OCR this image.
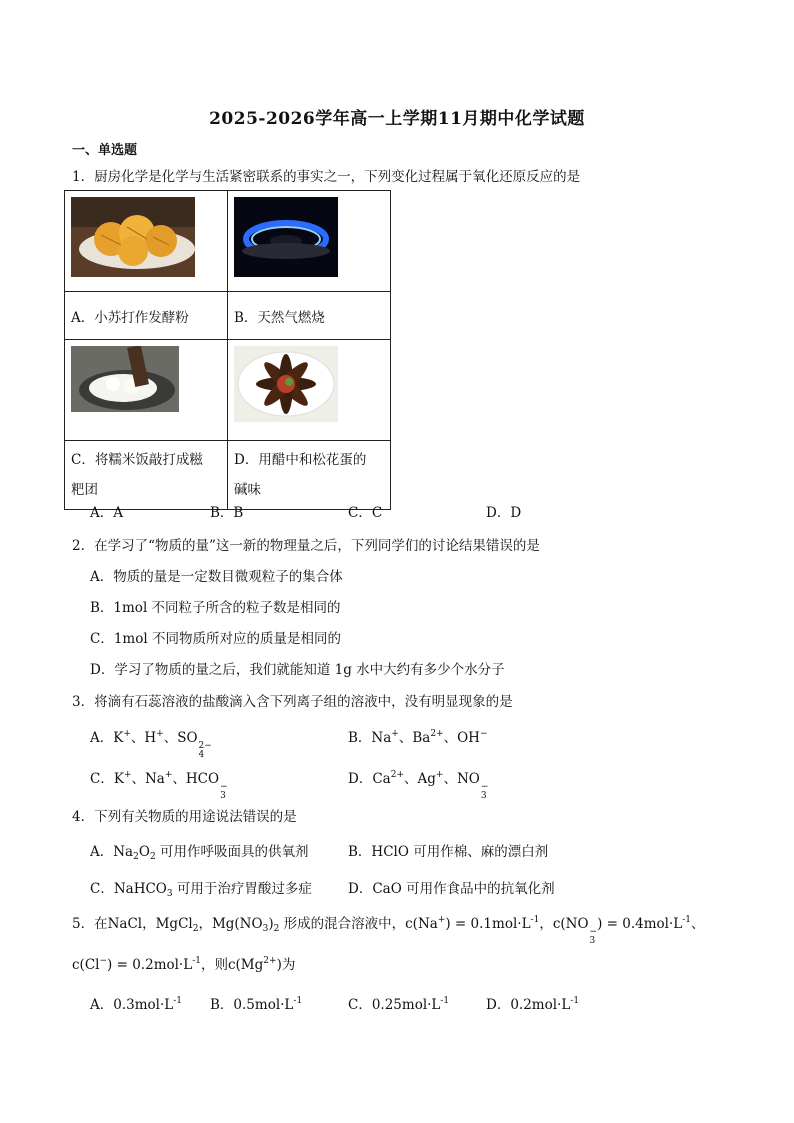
2025-2026学年高一上学期11月期中化学试题
一、单选题
1．厨房化学是化学与生活紧密联系的事实之一，下列变化过程属于氧化还原反应的是

A．小苏打作发酵粉	B．天然气燃烧

C．将糯米饭敲打成糍粑团	D．用醋中和松花蛋的碱味
A．A	B．B	C．C	D．D
2．在学习了“物质的量”这一新的物理量之后，下列同学们的讨论结果错误的是
A．物质的量是一定数目微观粒子的集合体
B．1mol 不同粒子所含的粒子数是相同的
C．1mol 不同物质所对应的质量是相同的
D．学习了物质的量之后，我们就能知道 1g 水中大约有多少个水分子
3．将滴有石蕊溶液的盐酸滴入含下列离子组的溶液中，没有明显现象的是
A．K+、H+、SO 2−
4
B．Na+、$Ba^{2+}$、OH−
C．K+、Na+、HCO −
3
D．$Ca^{2+}$、Ag+、NO −
3
4．下列有关物质的用途说法错误的是
A．$Na_2O_2$ 可用作呼吸面具的供氧剂	B．HClO 可用作棉、麻的漂白剂
C．NaHCO$_3$ 可用于治疗胃酸过多症	D．CaO 可用作食品中的抗氧化剂
5．在NaCl，MgCl$_2$，$Mg(NO_3)_2$ 形成的混合溶液中，$c(Na^+) = 0.1mol\cdot L^{-1}$，c(NO −
3
) = $0.4mol\cdot L^{-1}$、
$c(Cl^-) = 0.2mol\cdot L^{-1}$，则$c(Mg^{2+})$为
A．$0.3mol\cdot L^{-1}$ B．$0.5mol\cdot L^{-1}$	C．$0.25mol\cdot L^{-1}$	D．$0.2mol\cdot L^{-1}$
